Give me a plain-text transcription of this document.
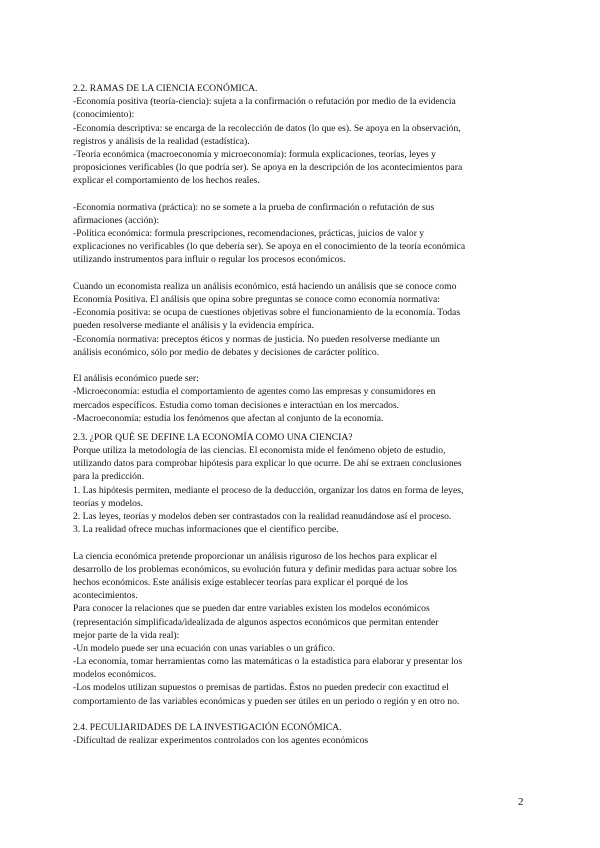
2.2. RAMAS DE LA CIENCIA ECONÓMICA.
-Economía positiva (teoría-ciencia): sujeta a la confirmación o refutación por medio de la evidencia
(conocimiento):
-Economía descriptiva: se encarga de la recolección de datos (lo que es). Se apoya en la observación,
registros y análisis de la realidad (estadística).
-Teoría económica (macroeconomía y microeconomía): formula explicaciones, teorías, leyes y
proposiciones verificables (lo que podría ser). Se apoya en la descripción de los acontecimientos para
explicar el comportamiento de los hechos reales.
-Economía normativa (práctica): no se somete a la prueba de confirmación o refutación de sus
afirmaciones (acción):
-Política económica: formula prescripciones, recomendaciones, prácticas, juicios de valor y
explicaciones no verificables (lo que debería ser). Se apoya en el conocimiento de la teoría económica
utilizando instrumentos para influir o regular los procesos económicos.
Cuando un economista realiza un análisis económico, está haciendo un análisis que se conoce como
Economía Positiva. El análisis que opina sobre preguntas se conoce como economía normativa:
-Economía positiva: se ocupa de cuestiones objetivas sobre el funcionamiento de la economía. Todas
pueden resolverse mediante el análisis y la evidencia empírica.
-Economía normativa: preceptos éticos y normas de justicia. No pueden resolverse mediante un
análisis económico, sólo por medio de debates y decisiones de carácter político.
El análisis económico puede ser:
-Microeconomía: estudia el comportamiento de agentes como las empresas y consumidores en
mercados específicos. Estudia como toman decisiones e interactúan en los mercados.
-Macroeconomía: estudia los fenómenos que afectan al conjunto de la economía.
2.3. ¿POR QUÉ SE DEFINE LA ECONOMÍA COMO UNA CIENCIA?
Porque utiliza la metodología de las ciencias. El economista mide el fenómeno objeto de estudio,
utilizando datos para comprobar hipótesis para explicar lo que ocurre. De ahí se extraen conclusiones
para la predicción.
1. Las hipótesis permiten, mediante el proceso de la deducción, organizar los datos en forma de leyes,
teorías y modelos.
2. Las leyes, teorías y modelos deben ser contrastados con la realidad reanudándose así el proceso.
3. La realidad ofrece muchas informaciones que el científico percibe.
La ciencia económica pretende proporcionar un análisis riguroso de los hechos para explicar el
desarrollo de los problemas económicos, su evolución futura y definir medidas para actuar sobre los
hechos económicos. Este análisis exige establecer teorías para explicar el porqué de los
acontecimientos.
Para conocer la relaciones que se pueden dar entre variables existen los modelos económicos
(representación simplificada/idealizada de algunos aspectos económicos que permitan entender
mejor parte de la vida real):
-Un modelo puede ser una ecuación con unas variables o un gráfico.
-La economía, tomar herramientas como las matemáticas o la estadística para elaborar y presentar los
modelos económicos.
-Los modelos utilizan supuestos o premisas de partidas. Éstos no pueden predecir con exactitud el
comportamiento de las variables económicas y pueden ser útiles en un periodo o región y en otro no.
2.4. PECULIARIDADES DE LA INVESTIGACIÓN ECONÓMICA.
-Dificultad de realizar experimentos controlados con los agentes económicos
2
